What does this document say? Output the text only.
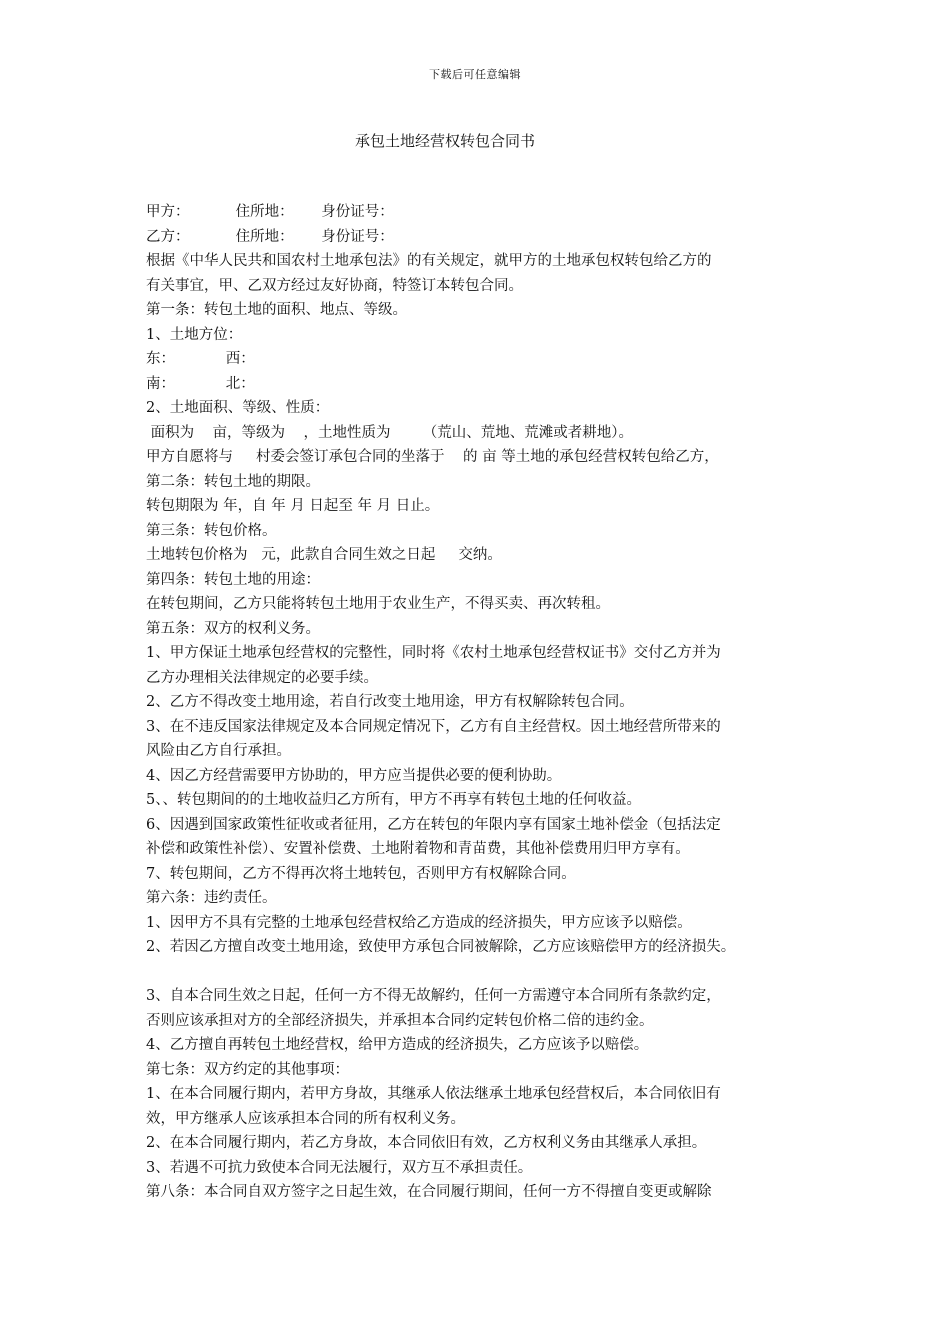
下载后可任意编辑
承包土地经营权转包合同书
甲方：          住所地：      身份证号：
乙方：          住所地：      身份证号：
根据《中华人民共和国农村土地承包法》的有关规定，就甲方的土地承包权转包给乙方的
有关事宜，甲、乙双方经过友好协商，特签订本转包合同。
第一条：转包土地的面积、地点、等级。
1、土地方位：
东：           西：
南：           北：
2、土地面积、等级、性质：
面积为    亩，等级为    ，土地性质为       （荒山、荒地、荒滩或者耕地）。
甲方自愿将与     村委会签订承包合同的坐落于    的 亩 等土地的承包经营权转包给乙方，
第二条：转包土地的期限。
转包期限为 年，自 年 月 日起至 年 月 日止。
第三条：转包价格。
土地转包价格为   元，此款自合同生效之日起     交纳。
第四条：转包土地的用途：
在转包期间，乙方只能将转包土地用于农业生产，不得买卖、再次转租。
第五条：双方的权利义务。
1、甲方保证土地承包经营权的完整性，同时将《农村土地承包经营权证书》交付乙方并为
乙方办理相关法律规定的必要手续。
2、乙方不得改变土地用途，若自行改变土地用途，甲方有权解除转包合同。
3、在不违反国家法律规定及本合同规定情况下，乙方有自主经营权。因土地经营所带来的
风险由乙方自行承担。
4、因乙方经营需要甲方协助的，甲方应当提供必要的便利协助。
5、、转包期间的的土地收益归乙方所有，甲方不再享有转包土地的任何收益。
6、因遇到国家政策性征收或者征用，乙方在转包的年限内享有国家土地补偿金（包括法定
补偿和政策性补偿）、安置补偿费、土地附着物和青苗费，其他补偿费用归甲方享有。
7、转包期间，乙方不得再次将土地转包，否则甲方有权解除合同。
第六条：违约责任。
1、因甲方不具有完整的土地承包经营权给乙方造成的经济损失，甲方应该予以赔偿。
2、若因乙方擅自改变土地用途，致使甲方承包合同被解除，乙方应该赔偿甲方的经济损失。
3、自本合同生效之日起，任何一方不得无故解约，任何一方需遵守本合同所有条款约定，
否则应该承担对方的全部经济损失，并承担本合同约定转包价格二倍的违约金。
4、乙方擅自再转包土地经营权，给甲方造成的经济损失，乙方应该予以赔偿。
第七条：双方约定的其他事项：
1、在本合同履行期内，若甲方身故，其继承人依法继承土地承包经营权后，本合同依旧有
效，甲方继承人应该承担本合同的所有权利义务。
2、在本合同履行期内，若乙方身故，本合同依旧有效，乙方权利义务由其继承人承担。
3、若遇不可抗力致使本合同无法履行，双方互不承担责任。
第八条：本合同自双方签字之日起生效，在合同履行期间，任何一方不得擅自变更或解除
